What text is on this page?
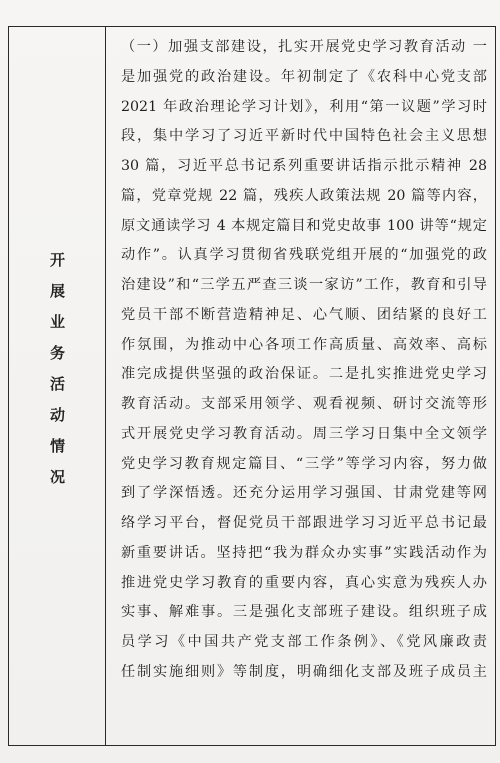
开
展
业
务
活
动
情
况
（一）加强支部建设，扎实开展党史学习教育活动 一
是加强党的政治建设。年初制定了《农科中心党支部
2021 年政治理论学习计划》，利用“第一议题”学习时
段，集中学习了习近平新时代中国特色社会主义思想
30 篇，习近平总书记系列重要讲话指示批示精神 28
篇，党章党规 22 篇，残疾人政策法规 20 篇等内容，
原文通读学习 4 本规定篇目和党史故事 100 讲等“规定
动作”。认真学习贯彻省残联党组开展的“加强党的政
治建设”和“三学五严查三谈一家访”工作，教育和引导
党员干部不断营造精神足、心气顺、团结紧的良好工
作氛围，为推动中心各项工作高质量、高效率、高标
准完成提供坚强的政治保证。二是扎实推进党史学习
教育活动。支部采用领学、观看视频、研讨交流等形
式开展党史学习教育活动。周三学习日集中全文领学
党史学习教育规定篇目、“三学”等学习内容，努力做
到了学深悟透。还充分运用学习强国、甘肃党建等网
络学习平台，督促党员干部跟进学习习近平总书记最
新重要讲话。坚持把“我为群众办实事”实践活动作为
推进党史学习教育的重要内容，真心实意为残疾人办
实事、解难事。三是强化支部班子建设。组织班子成
员学习《中国共产党支部工作条例》、《党风廉政责
任制实施细则》等制度，明确细化支部及班子成员主
